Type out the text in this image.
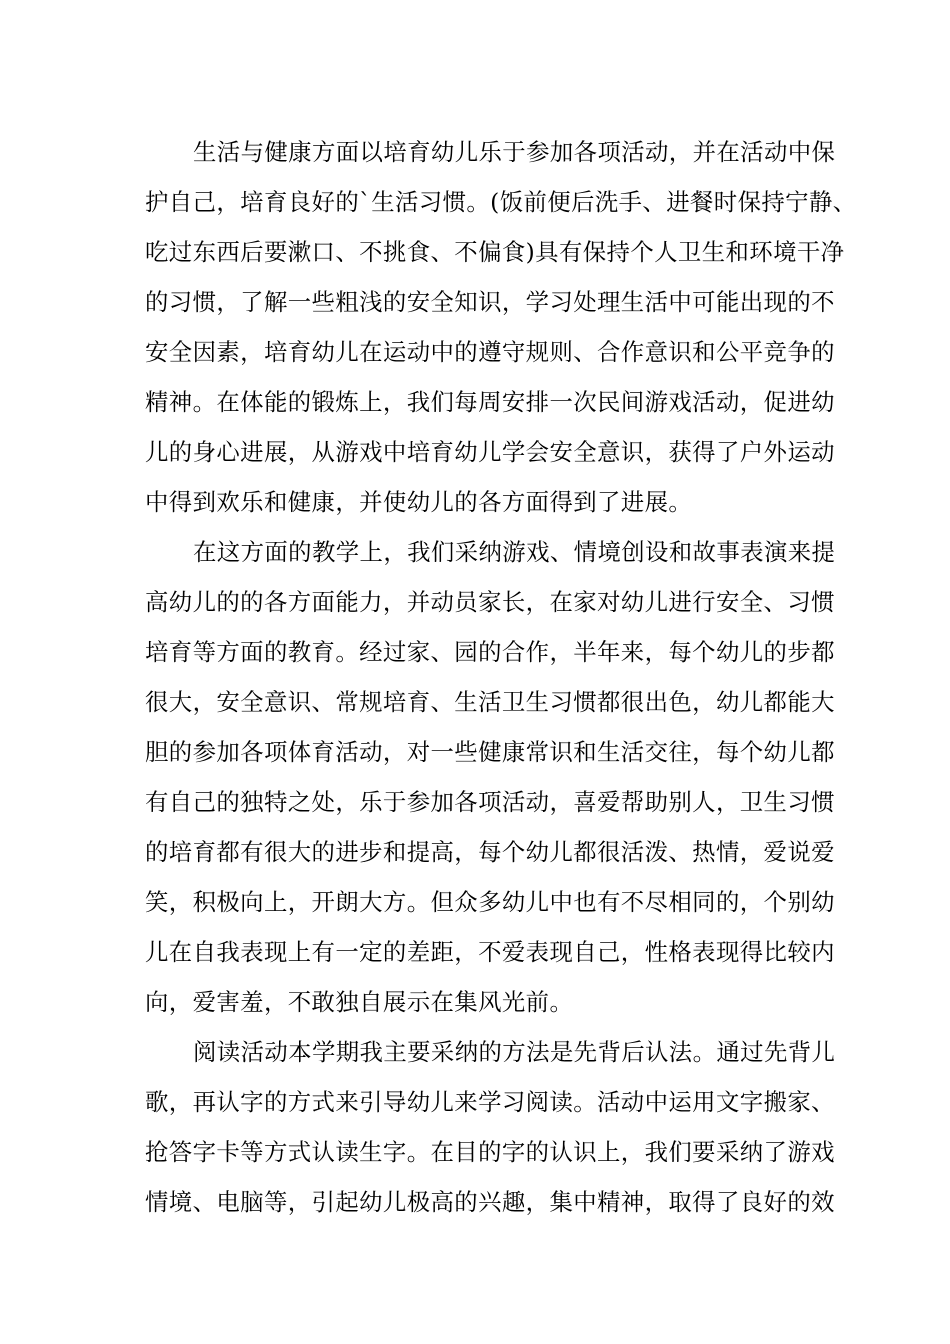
生活与健康方面以培育幼儿乐于参加各项活动，并在活动中保
护自己，培育良好的`生活习惯。(饭前便后洗手、进餐时保持宁静、
吃过东西后要漱口、不挑食、不偏食)具有保持个人卫生和环境干净
的习惯，了解一些粗浅的安全知识，学习处理生活中可能出现的不
安全因素，培育幼儿在运动中的遵守规则、合作意识和公平竞争的
精神。在体能的锻炼上，我们每周安排一次民间游戏活动，促进幼
儿的身心进展，从游戏中培育幼儿学会安全意识，获得了户外运动
中得到欢乐和健康，并使幼儿的各方面得到了进展。
在这方面的教学上，我们采纳游戏、情境创设和故事表演来提
高幼儿的的各方面能力，并动员家长，在家对幼儿进行安全、习惯
培育等方面的教育。经过家、园的合作，半年来，每个幼儿的步都
很大，安全意识、常规培育、生活卫生习惯都很出色，幼儿都能大
胆的参加各项体育活动，对一些健康常识和生活交往，每个幼儿都
有自己的独特之处，乐于参加各项活动，喜爱帮助别人，卫生习惯
的培育都有很大的进步和提高，每个幼儿都很活泼、热情，爱说爱
笑，积极向上，开朗大方。但众多幼儿中也有不尽相同的，个别幼
儿在自我表现上有一定的差距，不爱表现自己，性格表现得比较内
向，爱害羞，不敢独自展示在集风光前。
阅读活动本学期我主要采纳的方法是先背后认法。通过先背儿
歌，再认字的方式来引导幼儿来学习阅读。活动中运用文字搬家、
抢答字卡等方式认读生字。在目的字的认识上，我们要采纳了游戏
情境、电脑等，引起幼儿极高的兴趣，集中精神，取得了良好的效
